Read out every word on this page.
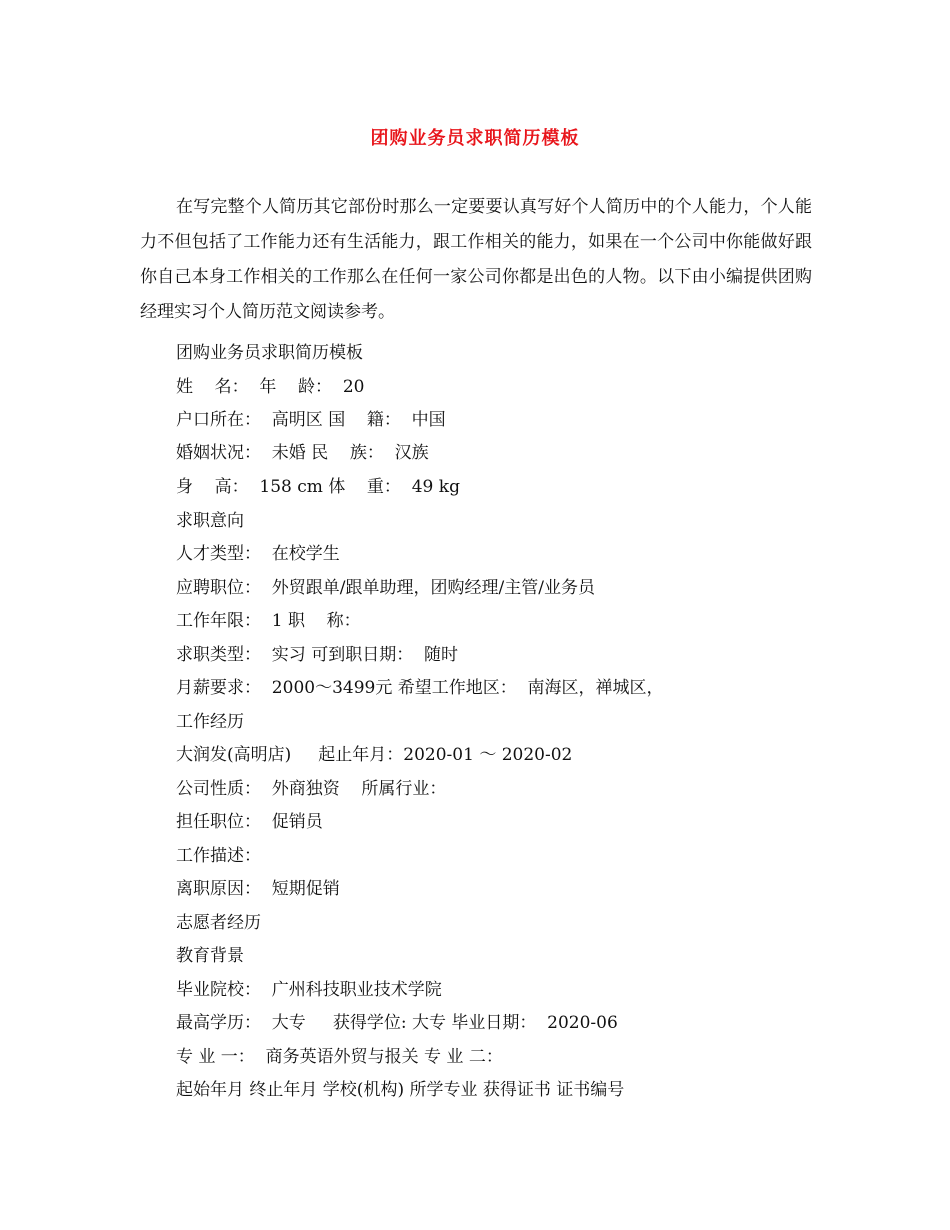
团购业务员求职简历模板

在写完整个人简历其它部份时那么一定要要认真写好个人简历中的个人能力，个人能力不但包括了工作能力还有生活能力，跟工作相关的能力，如果在一个公司中你能做好跟你自己本身工作相关的工作那么在任何一家公司你都是出色的人物。以下由小编提供团购经理实习个人简历范文阅读参考。

团购业务员求职简历模板
姓    名：  年    龄：  20
户口所在：  高明区 国    籍：  中国
婚姻状况：  未婚 民    族：  汉族
身    高：  158 cm 体    重：  49 kg
求职意向
人才类型：  在校学生
应聘职位：  外贸跟单/跟单助理，团购经理/主管/业务员
工作年限：  1 职    称：
求职类型：  实习 可到职日期：  随时
月薪要求：  2000～3499元 希望工作地区：  南海区，禅城区，
工作经历
大润发(高明店)     起止年月：2020-01 ～ 2020-02
公司性质：  外商独资    所属行业：
担任职位：  促销员
工作描述：
离职原因：  短期促销
志愿者经历
教育背景
毕业院校：  广州科技职业技术学院
最高学历：  大专     获得学位: 大专 毕业日期：  2020-06
专 业 一：  商务英语外贸与报关 专 业 二：
起始年月 终止年月 学校(机构) 所学专业 获得证书 证书编号
